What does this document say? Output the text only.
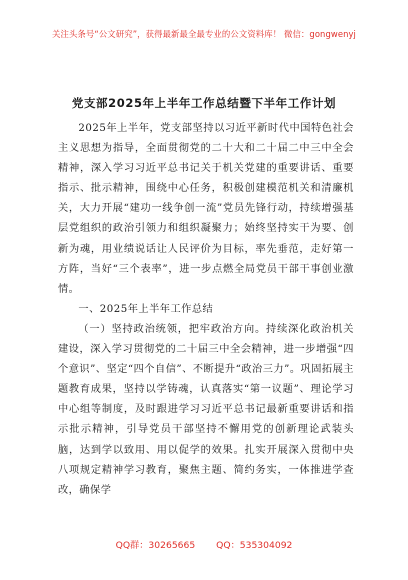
关注头条号“公文研究”，获得最新最全最专业的公文资料库！ 微信：gongwenyj
党支部2025年上半年工作总结暨下半年工作计划

2025年上半年，党支部坚持以习近平新时代中国特色社会主义思想为指导，全面贯彻党的二十大和二十届二中三中全会精神，深入学习习近平总书记关于机关党建的重要讲话、重要指示、批示精神，围绕中心任务，积极创建模范机关和清廉机关，大力开展“建功一线争创一流”党员先锋行动，持续增强基层党组织的政治引领力和组织凝聚力；始终坚持实干为要、创新为魂，用业绩说话让人民评价为目标，率先垂范，走好第一方阵，当好“三个表率”，进一步点燃全局党员干部干事创业激情。

一、2025年上半年工作总结

（一）坚持政治统领，把牢政治方向。持续深化政治机关建设，深入学习贯彻党的二十届三中全会精神，进一步增强“四个意识”、坚定“四个自信”、不断提升“政治三力”。巩固拓展主题教育成果，坚持以学铸魂，认真落实“第一议题”、理论学习中心组等制度，及时跟进学习习近平总书记最新重要讲话和指示批示精神，引导党员干部坚持不懈用党的创新理论武装头脑，达到学以致用、用以促学的效果。扎实开展深入贯彻中央八项规定精神学习教育，聚焦主题、简约务实，一体推进学查改，确保学

QQ群：30265665 QQ：535304092
